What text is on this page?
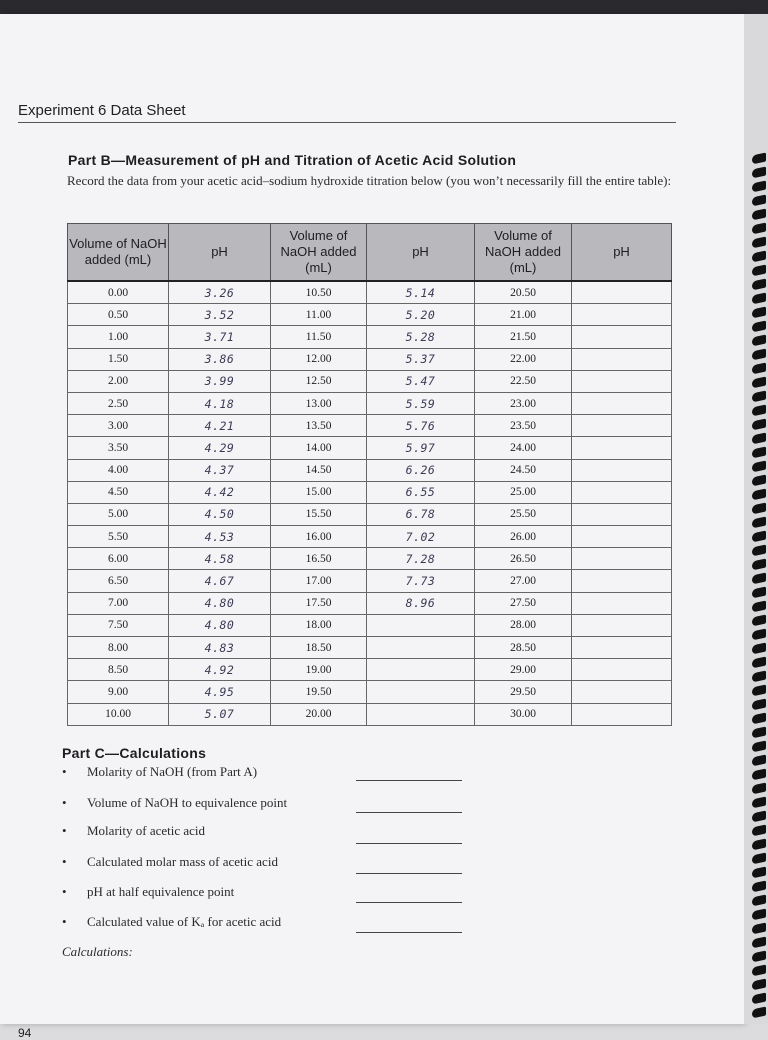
Experiment 6 Data Sheet
Part B—Measurement of pH and Titration of Acetic Acid Solution
Record the data from your acetic acid–sodium hydroxide titration below (you won’t necessarily fill the entire table):
Volume of NaOH added (mL)	pH	Volume of NaOH added (mL)	pH	Volume of NaOH added (mL)	pH
0.00	3.26	10.50	5.14	20.50	
0.50	3.52	11.00	5.20	21.00	
1.00	3.71	11.50	5.28	21.50	
1.50	3.86	12.00	5.37	22.00	
2.00	3.99	12.50	5.47	22.50	
2.50	4.18	13.00	5.59	23.00	
3.00	4.21	13.50	5.76	23.50	
3.50	4.29	14.00	5.97	24.00	
4.00	4.37	14.50	6.26	24.50	
4.50	4.42	15.00	6.55	25.00	
5.00	4.50	15.50	6.78	25.50	
5.50	4.53	16.00	7.02	26.00	
6.00	4.58	16.50	7.28	26.50	
6.50	4.67	17.00	7.73	27.00	
7.00	4.80	17.50	8.96	27.50	
7.50	4.80	18.00		28.00	
8.00	4.83	18.50		28.50	
8.50	4.92	19.00		29.00	
9.00	4.95	19.50		29.50	
10.00	5.07	20.00		30.00	
Part C—Calculations
• Molarity of NaOH (from Part A)
• Volume of NaOH to equivalence point
• Molarity of acetic acid
• Calculated molar mass of acetic acid
• pH at half equivalence point
• Calculated value of Kₐ for acetic acid
Calculations:
94
